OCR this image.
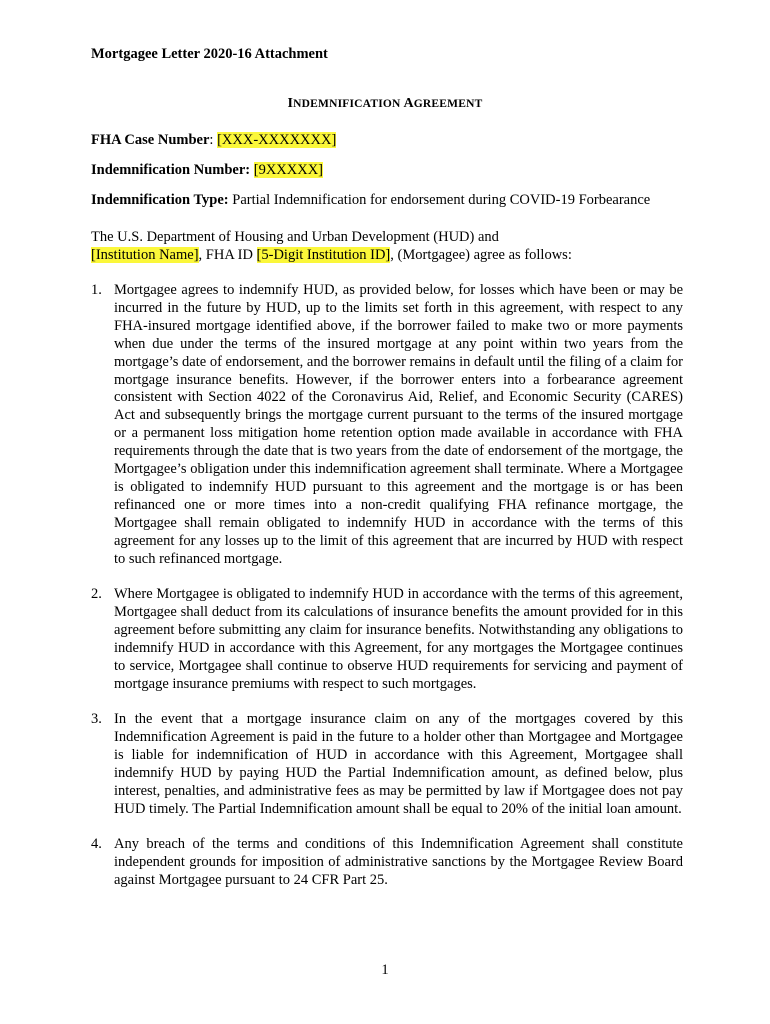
Mortgagee Letter 2020-16 Attachment
INDEMNIFICATION AGREEMENT
FHA Case Number: [XXX-XXXXXXX]
Indemnification Number: [9XXXXX]
Indemnification Type: Partial Indemnification for endorsement during COVID-19 Forbearance
The U.S. Department of Housing and Urban Development (HUD) and
[Institution Name], FHA ID [5-Digit Institution ID], (Mortgagee) agree as follows:
1. Mortgagee agrees to indemnify HUD, as provided below, for losses which have been or may be incurred in the future by HUD, up to the limits set forth in this agreement, with respect to any FHA-insured mortgage identified above, if the borrower failed to make two or more payments when due under the terms of the insured mortgage at any point within two years from the mortgage’s date of endorsement, and the borrower remains in default until the filing of a claim for mortgage insurance benefits. However, if the borrower enters into a forbearance agreement consistent with Section 4022 of the Coronavirus Aid, Relief, and Economic Security (CARES) Act and subsequently brings the mortgage current pursuant to the terms of the insured mortgage or a permanent loss mitigation home retention option made available in accordance with FHA requirements through the date that is two years from the date of endorsement of the mortgage, the Mortgagee’s obligation under this indemnification agreement shall terminate. Where a Mortgagee is obligated to indemnify HUD pursuant to this agreement and the mortgage is or has been refinanced one or more times into a non-credit qualifying FHA refinance mortgage, the Mortgagee shall remain obligated to indemnify HUD in accordance with the terms of this agreement for any losses up to the limit of this agreement that are incurred by HUD with respect to such refinanced mortgage.
2. Where Mortgagee is obligated to indemnify HUD in accordance with the terms of this agreement, Mortgagee shall deduct from its calculations of insurance benefits the amount provided for in this agreement before submitting any claim for insurance benefits. Notwithstanding any obligations to indemnify HUD in accordance with this Agreement, for any mortgages the Mortgagee continues to service, Mortgagee shall continue to observe HUD requirements for servicing and payment of mortgage insurance premiums with respect to such mortgages.
3. In the event that a mortgage insurance claim on any of the mortgages covered by this Indemnification Agreement is paid in the future to a holder other than Mortgagee and Mortgagee is liable for indemnification of HUD in accordance with this Agreement, Mortgagee shall indemnify HUD by paying HUD the Partial Indemnification amount, as defined below, plus interest, penalties, and administrative fees as may be permitted by law if Mortgagee does not pay HUD timely. The Partial Indemnification amount shall be equal to 20% of the initial loan amount.
4. Any breach of the terms and conditions of this Indemnification Agreement shall constitute independent grounds for imposition of administrative sanctions by the Mortgagee Review Board against Mortgagee pursuant to 24 CFR Part 25.
1
